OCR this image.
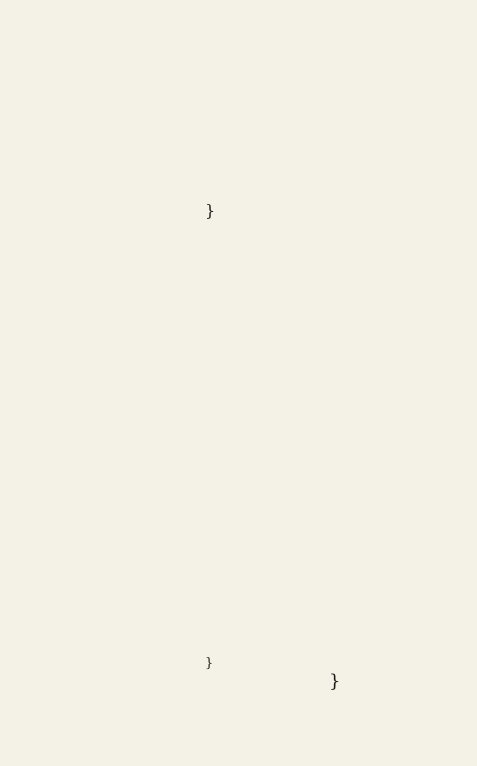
}
}
}
